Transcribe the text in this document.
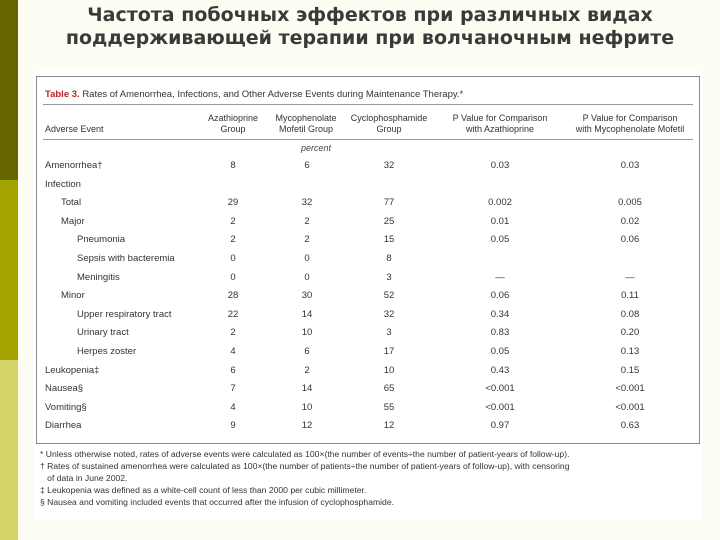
Частота побочных эффектов при различных видах
поддерживающей терапии при волчаночным нефрите
Table 3. Rates of Amenorrhea, Infections, and Other Adverse Events during Maintenance Therapy.*
Adverse Event
Azathioprine
Group
Mycophenolate
Mofetil Group
Cyclophosphamide
Group
P Value for Comparison
with Azathioprine
P Value for Comparison
with Mycophenolate Mofetil
percent
Amenorrhea†	8	6	32	0.03	0.03
Infection
Total	29	32	77	0.002	0.005
Major	2	2	25	0.01	0.02
Pneumonia	2	2	15	0.05	0.06
Sepsis with bacteremia	0	0	8
Meningitis	0	0	3	—	—
Minor	28	30	52	0.06	0.11
Upper respiratory tract	22	14	32	0.34	0.08
Urinary tract	2	10	3	0.83	0.20
Herpes zoster	4	6	17	0.05	0.13
Leukopenia‡	6	2	10	0.43	0.15
Nausea§	7	14	65	<0.001	<0.001
Vomiting§	4	10	55	<0.001	<0.001
Diarrhea	9	12	12	0.97	0.63
* Unless otherwise noted, rates of adverse events were calculated as 100×(the number of events÷the number of patient-years of follow-up).
† Rates of sustained amenorrhea were calculated as 100×(the number of patients÷the number of patient-years of follow-up), with censoring
of data in June 2002.
‡ Leukopenia was defined as a white-cell count of less than 2000 per cubic millimeter.
§ Nausea and vomiting included events that occurred after the infusion of cyclophosphamide.
